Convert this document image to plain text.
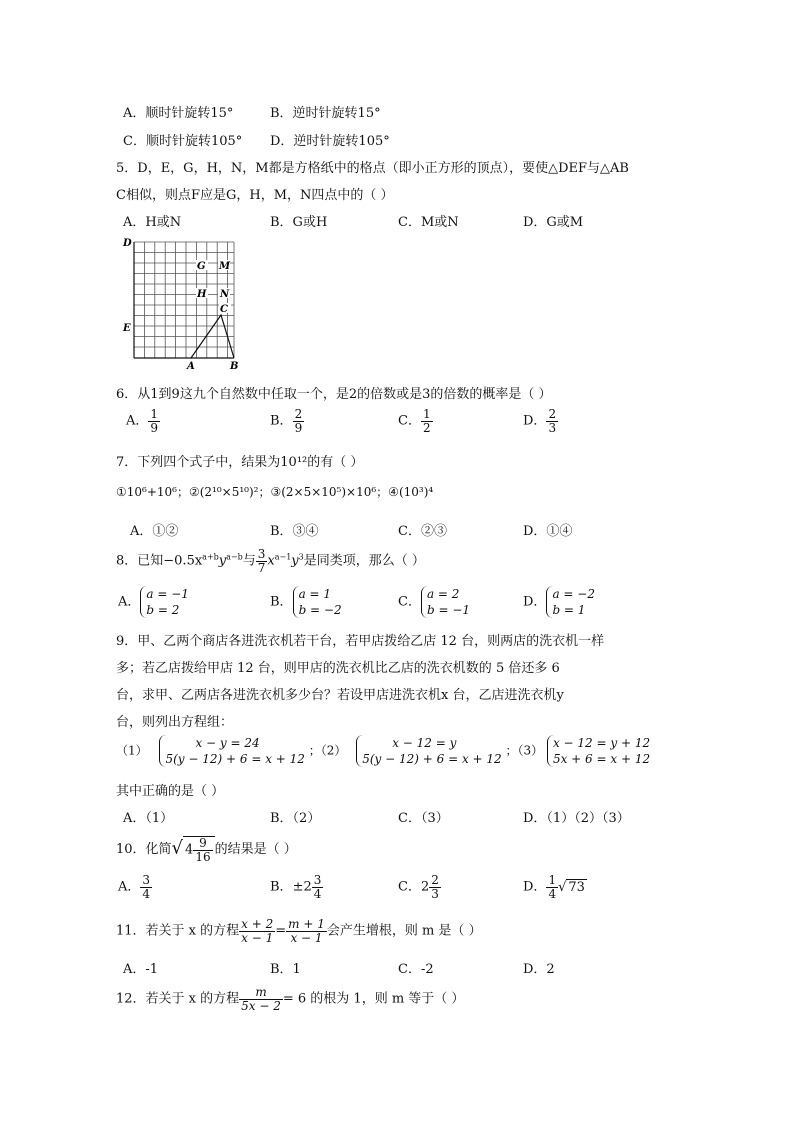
A．顺时针旋转15°	B．逆时针旋转15°
C．顺时针旋转105° D．逆时针旋转105°
5．D，E，G，H，N，M都是方格纸中的格点（即小正方形的顶点），要使△DEF与△AB
C相似，则点F应是G，H，M，N四点中的（ ）
A．H或N	B．G或H	C．M或N	D．G或M
D
E
G M
H N
C
A	B
6．从1到9这九个自然数中任取一个，是2的倍数或是3的倍数的概率是（ ）
A． $\frac{1}{9}$	B． $\frac{2}{9}$	C． $\frac{1}{2}$	D． $\frac{2}{3}$
7．下列四个式子中，结果为10¹²的有（ ）
①10⁶+10⁶；②(2¹⁰×5¹⁰)²；③(2×5×10⁵)×10⁶；④(10³)⁴
A．①②	B．③④	C．②③	D．①④
8．已知$-0.5x^{a+b}y^{a-b}$与 $\frac{3}{7} x^{a-1}y^3$是同类项，那么（ ）
A．
a = −1
b = 2
B．
a = 1
b = −2
C．
a = 2
b = −1
D．
a = −2
b = 1
9．甲、乙两个商店各进洗衣机若干台，若甲店拨给乙店 12 台，则两店的洗衣机一样
多；若乙店拨给甲店 12 台，则甲店的洗衣机比乙店的洗衣机数的 5 倍还多 6
台，求甲、乙两店各进洗衣机多少台？若设甲店进洗衣机x 台，乙店进洗衣机y
台，则列出方程组：
（1）
x − y = 24
5(y − 12) + 6 = x + 12
；（2）
x − 12 = y
5(y − 12) + 6 = x + 12
；（3）
x − 12 = y + 12
5x + 6 = x + 12
其中正确的是（ ）
A．（1）	B．（2）	C．（3）	D．（1）（2）（3）
10．化简√ $4 \frac{9}{16}$ 的结果是（ ）
A． $\frac{3}{4}$	B．$\pm 2 \frac{3}{4}$	C．$2 \frac{2}{3}$	D． $\frac{1}{4}$ √ 73
11．若关于 x 的方程 $\frac{x + 2}{x - 1} = \frac{m + 1}{x - 1}$ 会产生增根，则 m 是（ ）
A．-1	B．1	C．-2	D．2
12．若关于 x 的方程 $\frac{m}{5x - 2} = 6$ 的根为 1，则 m 等于（ ）
